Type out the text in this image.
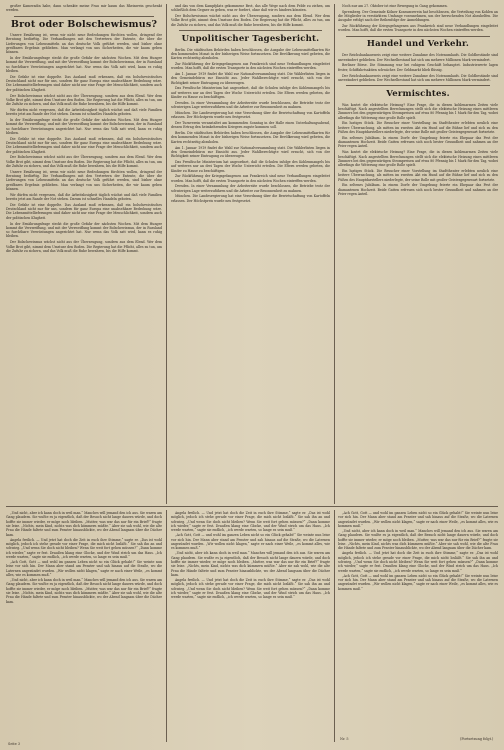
großer Kameradin habe, dann schenkte meine Frau mir kaum das Rheinwein geschenkt werden.

Brot oder Bolschewismus?

Unsere Ernährung ist, wenn wir nicht neue Bedrohungen fürchten wollen, dringend der Beratung bedürftig. Die Verhandlungen mit den Vertretern der Entente, die über die Lieferungen von Lebensmitteln an das deutsche Volk geführt werden, sind bisher ohne greifbares Ergebnis geblieben. Man verlangt von uns Sicherheiten, die wir kaum geben können.

In der Ernährungsfrage steckt die große Gefahr der nächsten Wochen. Mit dem Hunger kommt die Verzweiflung, und mit der Verzweiflung kommt der Bolschewismus, der in Russland so furchtbare Verwüstungen angerichtet hat. Nur wenn das Volk satt wird, kann es ruhig bleiben.

Die Gefahr ist eine doppelte. Das Ausland muß erkennen, daß ein bolschewistisches Deutschland nicht nur für uns, sondern für ganz Europa eine unabsehbare Bedrohung wäre. Die Lebensmittellieferungen sind daher nicht nur eine Frage der Menschlichkeit, sondern auch der politischen Klugheit.

Der Bolschewismus wächst nicht aus der Überzeugung, sondern aus dem Elend. Wer dem Volke Brot gibt, nimmt dem Umsturz den Boden. Die Regierung hat die Pflicht, alles zu tun, um die Zufuhr zu sichern, und das Volk muß die Ruhe bewahren, bis die Hilfe kommt.

Wir dürfen nicht vergessen, daß die Arbeitslosigkeit täglich wächst und daß viele Familien bereits jetzt am Rande der Not stehen. Darum ist schnelles Handeln geboten.

In der Ernährungsfrage steckt die große Gefahr der nächsten Wochen. Mit dem Hunger kommt die Verzweiflung, und mit der Verzweiflung kommt der Bolschewismus, der in Russland so furchtbare Verwüstungen angerichtet hat. Nur wenn das Volk satt wird, kann es ruhig bleiben.

Die Gefahr ist eine doppelte. Das Ausland muß erkennen, daß ein bolschewistisches Deutschland nicht nur für uns, sondern für ganz Europa eine unabsehbare Bedrohung wäre. Die Lebensmittellieferungen sind daher nicht nur eine Frage der Menschlichkeit, sondern auch der politischen Klugheit.

Der Bolschewismus wächst nicht aus der Überzeugung, sondern aus dem Elend. Wer dem Volke Brot gibt, nimmt dem Umsturz den Boden. Die Regierung hat die Pflicht, alles zu tun, um die Zufuhr zu sichern, und das Volk muß die Ruhe bewahren, bis die Hilfe kommt.

Unsere Ernährung ist, wenn wir nicht neue Bedrohungen fürchten wollen, dringend der Beratung bedürftig. Die Verhandlungen mit den Vertretern der Entente, die über die Lieferungen von Lebensmitteln an das deutsche Volk geführt werden, sind bisher ohne greifbares Ergebnis geblieben. Man verlangt von uns Sicherheiten, die wir kaum geben können.

Wir dürfen nicht vergessen, daß die Arbeitslosigkeit täglich wächst und daß viele Familien bereits jetzt am Rande der Not stehen. Darum ist schnelles Handeln geboten.

Die Gefahr ist eine doppelte. Das Ausland muß erkennen, daß ein bolschewistisches Deutschland nicht nur für uns, sondern für ganz Europa eine unabsehbare Bedrohung wäre. Die Lebensmittellieferungen sind daher nicht nur eine Frage der Menschlichkeit, sondern auch der politischen Klugheit.

In der Ernährungsfrage steckt die große Gefahr der nächsten Wochen. Mit dem Hunger kommt die Verzweiflung, und mit der Verzweiflung kommt der Bolschewismus, der in Russland so furchtbare Verwüstungen angerichtet hat. Nur wenn das Volk satt wird, kann es ruhig bleiben.

Der Bolschewismus wächst nicht aus der Überzeugung, sondern aus dem Elend. Wer dem Volke Brot gibt, nimmt dem Umsturz den Boden. Die Regierung hat die Pflicht, alles zu tun, um die Zufuhr zu sichern, und das Volk muß die Ruhe bewahren, bis die Hilfe kommt.

und das von dem Kampfplatz gekommene Brot, das alle Wege nach dem Felde zu ziehen, um schließlich dem Gegner zu geben, was er fordert, ohne daß wir es hindern könnten.

Der Bolschewismus wächst nicht aus der Überzeugung, sondern aus dem Elend. Wer dem Volke Brot gibt, nimmt dem Umsturz den Boden. Die Regierung hat die Pflicht, alles zu tun, um die Zufuhr zu sichern, und das Volk muß die Ruhe bewahren, bis die Hilfe kommt.

Unpolitischer Tagesbericht.

Berlin. Die städtischen Behörden haben beschlossen, die Ausgabe der Lebensmittelkarten für den kommenden Monat in der bisherigen Weise fortzusetzen. Die Bevölkerung wird gebeten, die Karten rechtzeitig abzuholen.

Zur Rückführung der Kriegsgefangenen aus Frankreich sind neue Verhandlungen eingeleitet worden. Man hofft, daß die ersten Transporte in den nächsten Wochen eintreffen werden.

Am 1. Januar 1919 findet die Wahl zur Nationalversammlung statt. Die Wählerlisten liegen in den Gemeindebüros zur Einsicht aus. Jeder Wahlberechtigte wird ersucht, sich von der Richtigkeit seiner Eintragung zu überzeugen.

Das Preußische Ministerium hat angeordnet, daß die Schulen infolge des Kohlenmangels bis auf weiteres nur an drei Tagen der Woche Unterricht erteilen. Die Eltern werden gebeten, die Kinder zu Hause zu beschäftigen.

Dresden. In einer Versammlung der Arbeiterräte wurde beschlossen, die Betriebe trotz der schwierigen Lage weiterzuführen und die Arbeiter zur Besonnenheit zu mahnen.

München. Die Landesregierung hat eine Verordnung über die Bewirtschaftung von Kartoffeln erlassen. Der Höchstpreis wurde neu festgesetzt.

Der Turnverein veranstaltet am kommenden Sonntag in der Halle einen Unterhaltungsabend, dessen Ertrag den heimkehrenden Kriegern zugute kommen soll.

Berlin. Die städtischen Behörden haben beschlossen, die Ausgabe der Lebensmittelkarten für den kommenden Monat in der bisherigen Weise fortzusetzen. Die Bevölkerung wird gebeten, die Karten rechtzeitig abzuholen.

Am 1. Januar 1919 findet die Wahl zur Nationalversammlung statt. Die Wählerlisten liegen in den Gemeindebüros zur Einsicht aus. Jeder Wahlberechtigte wird ersucht, sich von der Richtigkeit seiner Eintragung zu überzeugen.

Das Preußische Ministerium hat angeordnet, daß die Schulen infolge des Kohlenmangels bis auf weiteres nur an drei Tagen der Woche Unterricht erteilen. Die Eltern werden gebeten, die Kinder zu Hause zu beschäftigen.

Zur Rückführung der Kriegsgefangenen aus Frankreich sind neue Verhandlungen eingeleitet worden. Man hofft, daß die ersten Transporte in den nächsten Wochen eintreffen werden.

Dresden. In einer Versammlung der Arbeiterräte wurde beschlossen, die Betriebe trotz der schwierigen Lage weiterzuführen und die Arbeiter zur Besonnenheit zu mahnen.

München. Die Landesregierung hat eine Verordnung über die Bewirtschaftung von Kartoffeln erlassen. Der Höchstpreis wurde neu festgesetzt.

Noch nur am 27. Oktober ist eine Bewegung in Gang gekommen.

Spremberg. Der Gemeinde Kölner Konsumverein hat beschlossen, die Verteilung von Kohlen an die Mitglieder in verstärktem Umfange vorzunehmen, um der herrschenden Not abzuhelfen. Die Ausgabe erfolgt nach der Reihenfolge der Anmeldungen.

Zur Rückführung der Kriegsgefangenen aus Frankreich sind neue Verhandlungen eingeleitet worden. Man hofft, daß die ersten Transporte in den nächsten Wochen eintreffen werden.

Handel und Verkehr.

Der Reichsbankausweis zeigt eine weitere Zunahme des Notenumlaufs. Die Goldbestände sind unverändert geblieben. Der Wechselbestand hat sich um mehrere Millionen Mark vermindert.

Berliner Börse. Die Stimmung war bei ruhigem Geschäft behauptet. Industriewerte lagen fester, Schiffahrtsaktien schwächer. Der Geldmarkt blieb flüssig.

Der Reichsbankausweis zeigt eine weitere Zunahme des Notenumlaufs. Die Goldbestände sind unverändert geblieben. Der Wechselbestand hat sich um mehrere Millionen Mark vermindert.

Vermischtes.

Was kostet die elektrische Heizung? Eine Frage, die in diesen kohlenarmen Zeiten viele beschäftigt. Nach angestellten Berechnungen stellt sich die elektrische Heizung eines mittleren Zimmers bei den gegenwärtigen Strompreisen auf etwa 80 Pfennig bis 1 Mark für den Tag, wobei allerdings die Witterung eine große Rolle spielt.

Ein lustiges Stück. Die Besucher einer Vorstellung im Stadttheater erlebten neulich eine heitere Überraschung, als mitten im zweiten Akt ein Hund auf die Bühne lief und sich zu den Füßen des Hauptdarstellers niederlegte, der seine Rolle mit großer Geistesgegenwart fortsetzte.

Ein seltenes Jubiläum. In einem Dorfe der Umgebung feierte ein Ehepaar das Fest der diamantenen Hochzeit. Beide Gatten erfreuen sich noch bester Gesundheit und nahmen an der Feier regen Anteil.

Was kostet die elektrische Heizung? Eine Frage, die in diesen kohlenarmen Zeiten viele beschäftigt. Nach angestellten Berechnungen stellt sich die elektrische Heizung eines mittleren Zimmers bei den gegenwärtigen Strompreisen auf etwa 80 Pfennig bis 1 Mark für den Tag, wobei allerdings die Witterung eine große Rolle spielt.

Ein lustiges Stück. Die Besucher einer Vorstellung im Stadttheater erlebten neulich eine heitere Überraschung, als mitten im zweiten Akt ein Hund auf die Bühne lief und sich zu den Füßen des Hauptdarstellers niederlegte, der seine Rolle mit großer Geistesgegenwart fortsetzte.

Ein seltenes Jubiläum. In einem Dorfe der Umgebung feierte ein Ehepaar das Fest der diamantenen Hochzeit. Beide Gatten erfreuen sich noch bester Gesundheit und nahmen an der Feier regen Anteil.

„Und nicht, aber ich kann doch in weil man.“ Manches will jemand den ich aus. Sie waren am Gang plaudern. Sie wußte es ja eigentlich, daß der Besuch nicht lange dauern würde, und doch hoffte sie immer wieder, er möge noch bleiben. „Mutter, was war das nur für ein Brief?“ fragte sie leise. „Nichts, mein Kind, nichts was dich kümmern müßte.“ Aber sie sah wohl, wie die alte Frau die Hände faltete und zum Fenster hinausblickte, wo der Abend langsam über die Dächer kam.

Angela freilich. — Und jetzt hat doch die Zeit in euch ihre Stimme,“ sagte er. „Das ist wohl möglich, jedoch ich stehe gerade vor einer Frage, die mich nicht losläßt.“ Sie sah ihn an und schwieg. „Und wenn Sie doch nicht bleiben? Wenn Sie weit fort gehen müssen?“ „Dann komme ich wieder,“ sagte er fest. Draußen klang eine Glocke, und der Wind strich um das Haus. „Ich werde warten,“ sagte sie endlich, „ich werde warten, so lange es sein muß.“

„Ach Gott, Gott — und wohl im ganzen Leben nicht so ein Glück gehabt!“ Sie weinte nun leise vor sich hin. Der Mann aber stand am Fenster und sah hinaus auf die Straße, wo die Laternen angezündet wurden. „Wir wollen nicht klagen,“ sagte er nach einer Weile, „es kommt alles, wie es kommen muß.“

„Und nicht, aber ich kann doch in weil man.“ Manches will jemand den ich aus. Sie waren am Gang plaudern. Sie wußte es ja eigentlich, daß der Besuch nicht lange dauern würde, und doch hoffte sie immer wieder, er möge noch bleiben. „Mutter, was war das nur für ein Brief?“ fragte sie leise. „Nichts, mein Kind, nichts was dich kümmern müßte.“ Aber sie sah wohl, wie die alte Frau die Hände faltete und zum Fenster hinausblickte, wo der Abend langsam über die Dächer kam.

Angela freilich. — Und jetzt hat doch die Zeit in euch ihre Stimme,“ sagte er. „Das ist wohl möglich, jedoch ich stehe gerade vor einer Frage, die mich nicht losläßt.“ Sie sah ihn an und schwieg. „Und wenn Sie doch nicht bleiben? Wenn Sie weit fort gehen müssen?“ „Dann komme ich wieder,“ sagte er fest. Draußen klang eine Glocke, und der Wind strich um das Haus. „Ich werde warten,“ sagte sie endlich, „ich werde warten, so lange es sein muß.“

„Ach Gott, Gott — und wohl im ganzen Leben nicht so ein Glück gehabt!“ Sie weinte nun leise vor sich hin. Der Mann aber stand am Fenster und sah hinaus auf die Straße, wo die Laternen angezündet wurden. „Wir wollen nicht klagen,“ sagte er nach einer Weile, „es kommt alles, wie es kommen muß.“

„Und nicht, aber ich kann doch in weil man.“ Manches will jemand den ich aus. Sie waren am Gang plaudern. Sie wußte es ja eigentlich, daß der Besuch nicht lange dauern würde, und doch hoffte sie immer wieder, er möge noch bleiben. „Mutter, was war das nur für ein Brief?“ fragte sie leise. „Nichts, mein Kind, nichts was dich kümmern müßte.“ Aber sie sah wohl, wie die alte Frau die Hände faltete und zum Fenster hinausblickte, wo der Abend langsam über die Dächer kam.

Angela freilich. — Und jetzt hat doch die Zeit in euch ihre Stimme,“ sagte er. „Das ist wohl möglich, jedoch ich stehe gerade vor einer Frage, die mich nicht losläßt.“ Sie sah ihn an und schwieg. „Und wenn Sie doch nicht bleiben? Wenn Sie weit fort gehen müssen?“ „Dann komme ich wieder,“ sagte er fest. Draußen klang eine Glocke, und der Wind strich um das Haus. „Ich werde warten,“ sagte sie endlich, „ich werde warten, so lange es sein muß.“

„Ach Gott, Gott — und wohl im ganzen Leben nicht so ein Glück gehabt!“ Sie weinte nun leise vor sich hin. Der Mann aber stand am Fenster und sah hinaus auf die Straße, wo die Laternen angezündet wurden. „Wir wollen nicht klagen,“ sagte er nach einer Weile, „es kommt alles, wie es kommen muß.“

„Und nicht, aber ich kann doch in weil man.“ Manches will jemand den ich aus. Sie waren am Gang plaudern. Sie wußte es ja eigentlich, daß der Besuch nicht lange dauern würde, und doch hoffte sie immer wieder, er möge noch bleiben. „Mutter, was war das nur für ein Brief?“ fragte sie leise. „Nichts, mein Kind, nichts was dich kümmern müßte.“ Aber sie sah wohl, wie die alte Frau die Hände faltete und zum Fenster hinausblickte, wo der Abend langsam über die Dächer kam.

Angela freilich. — Und jetzt hat doch die Zeit in euch ihre Stimme,“ sagte er. „Das ist wohl möglich, jedoch ich stehe gerade vor einer Frage, die mich nicht losläßt.“ Sie sah ihn an und schwieg. „Und wenn Sie doch nicht bleiben? Wenn Sie weit fort gehen müssen?“ „Dann komme ich wieder,“ sagte er fest. Draußen klang eine Glocke, und der Wind strich um das Haus. „Ich werde warten,“ sagte sie endlich, „ich werde warten, so lange es sein muß.“

„Ach Gott, Gott — und wohl im ganzen Leben nicht so ein Glück gehabt!“ Sie weinte nun leise vor sich hin. Der Mann aber stand am Fenster und sah hinaus auf die Straße, wo die Laternen angezündet wurden. „Wir wollen nicht klagen,“ sagte er nach einer Weile, „es kommt alles, wie es kommen muß.“

(Fortsetzung folgt.)
Nr. 5
Seite 3
